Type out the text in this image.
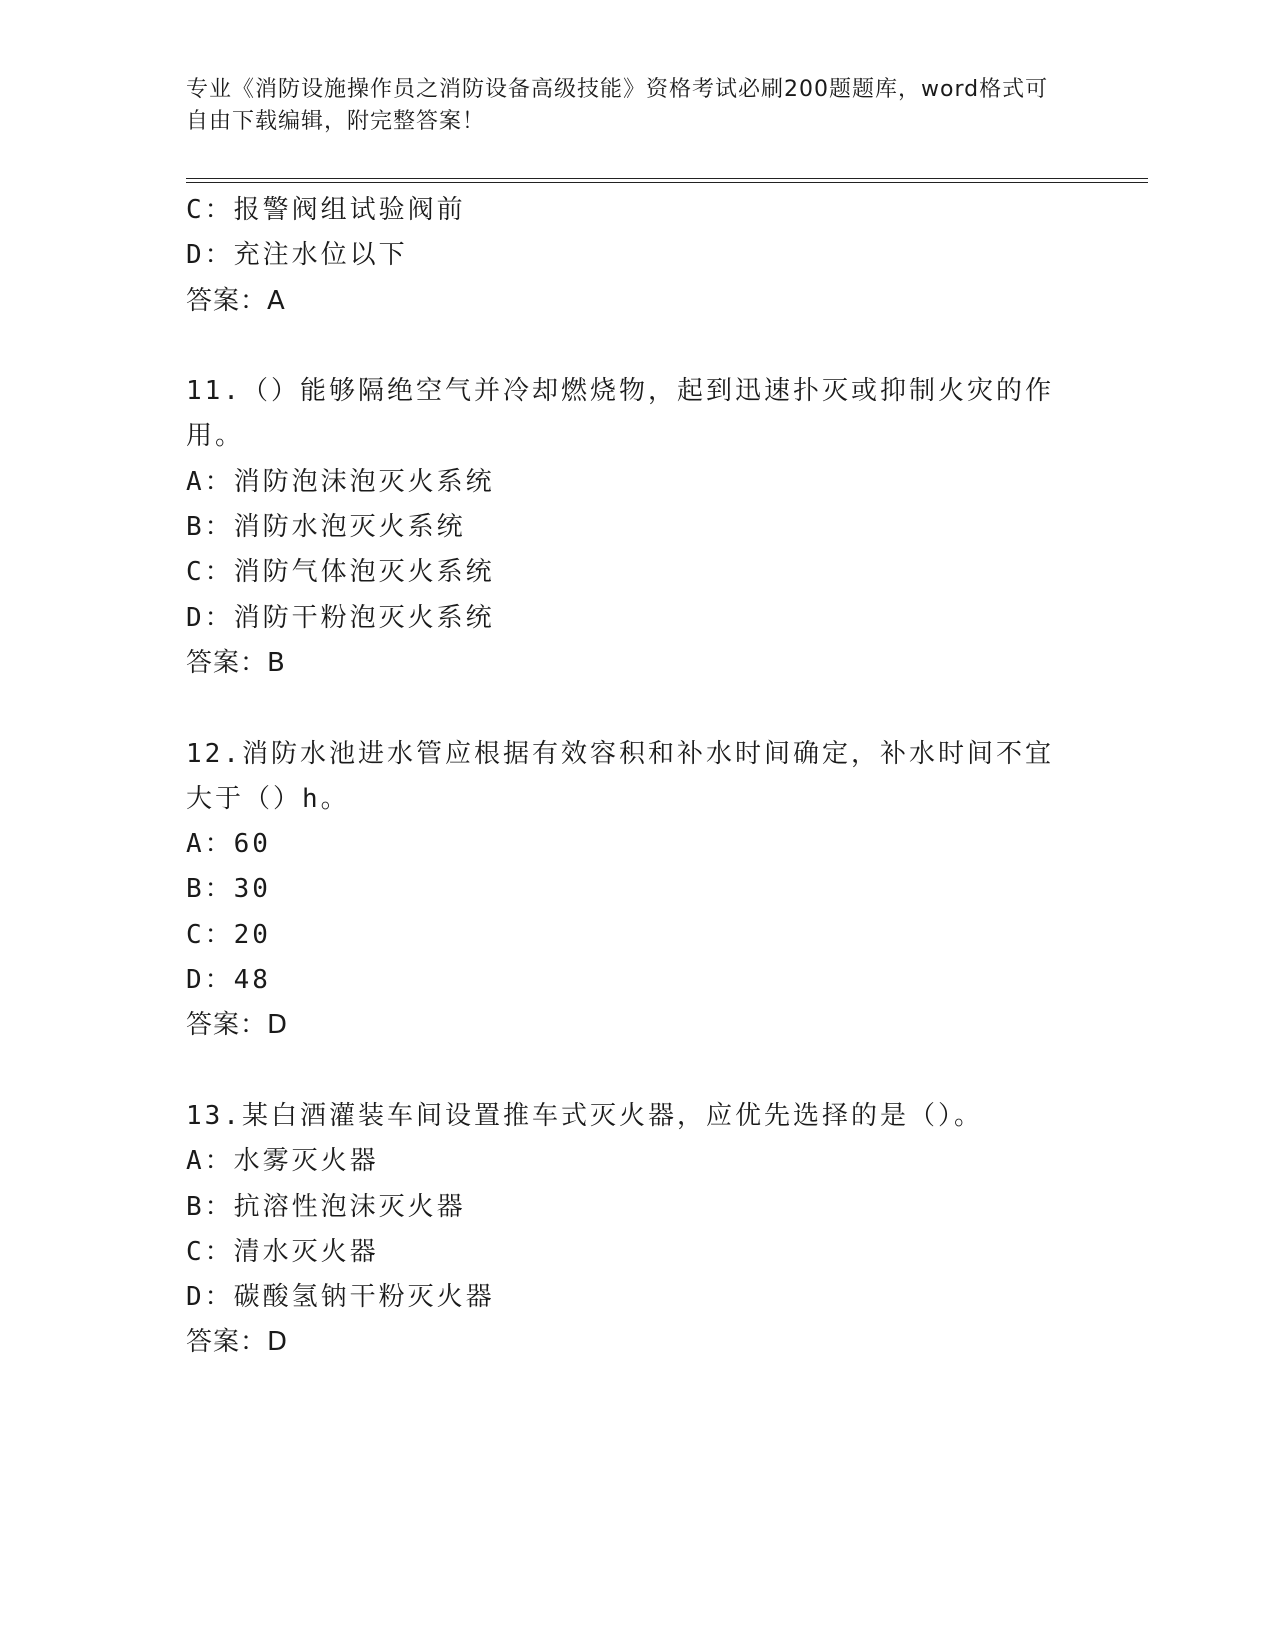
专业《消防设施操作员之消防设备高级技能》资格考试必刷200题题库，word格式可自由下载编辑，附完整答案！
C：报警阀组试验阀前
D：充注水位以下
答案：A
11.（）能够隔绝空气并冷却燃烧物，起到迅速扑灭或抑制火灾的作用。
A：消防泡沫泡灭火系统
B：消防水泡灭火系统
C：消防气体泡灭火系统
D：消防干粉泡灭火系统
答案：B
12.消防水池进水管应根据有效容积和补水时间确定，补水时间不宜大于（）h。
A：60
B：30
C：20
D：48
答案：D
13.某白酒灌装车间设置推车式灭火器，应优先选择的是（）。
A：水雾灭火器
B：抗溶性泡沫灭火器
C：清水灭火器
D：碳酸氢钠干粉灭火器
答案：D
